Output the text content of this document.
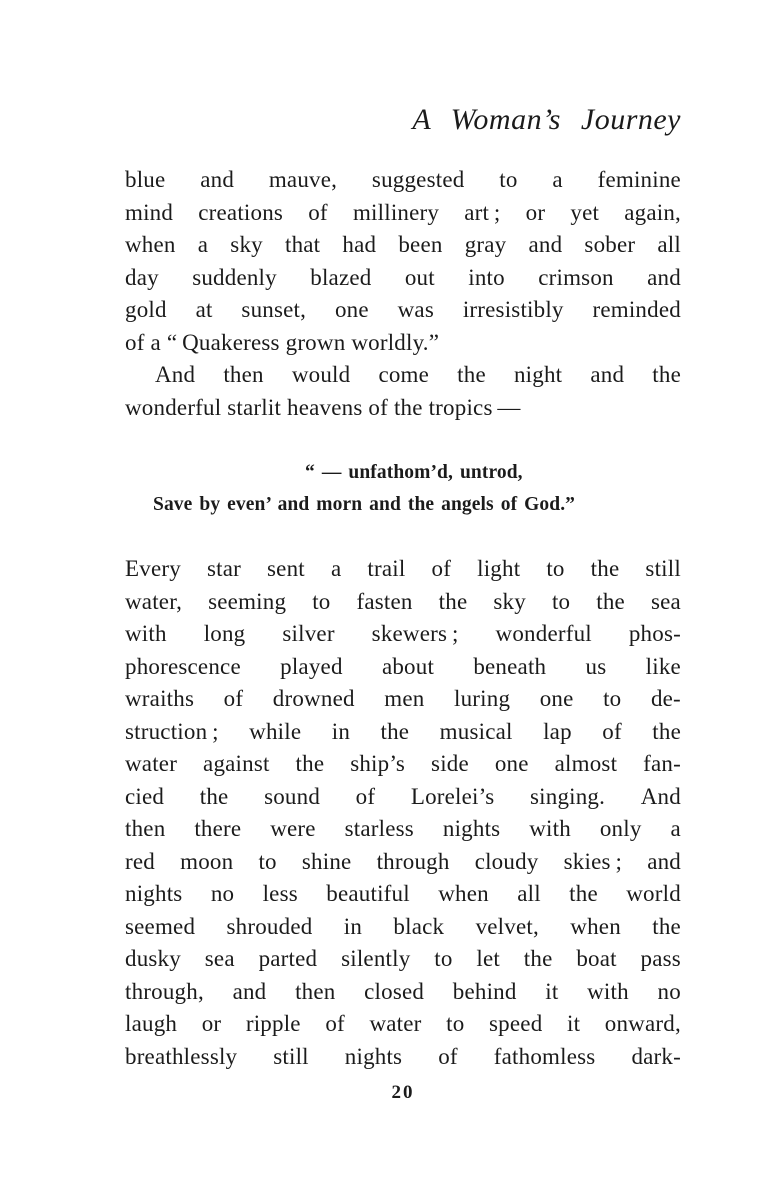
A Woman’s Journey
blue and mauve, suggested to a feminine
mind creations of millinery art ; or yet again,
when a sky that had been gray and sober all
day suddenly blazed out into crimson and
gold at sunset, one was irresistibly reminded
of a “ Quakeress grown worldly.”
And then would come the night and the
wonderful starlit heavens of the tropics —
“ — unfathom’d, untrod,
Save by even’ and morn and the angels of God.”
Every star sent a trail of light to the still
water, seeming to fasten the sky to the sea
with long silver skewers ; wonderful phos-
phorescence played about beneath us like
wraiths of drowned men luring one to de-
struction ; while in the musical lap of the
water against the ship’s side one almost fan-
cied the sound of Lorelei’s singing. And
then there were starless nights with only a
red moon to shine through cloudy skies ; and
nights no less beautiful when all the world
seemed shrouded in black velvet, when the
dusky sea parted silently to let the boat pass
through, and then closed behind it with no
laugh or ripple of water to speed it onward,
breathlessly still nights of fathomless dark-
20
